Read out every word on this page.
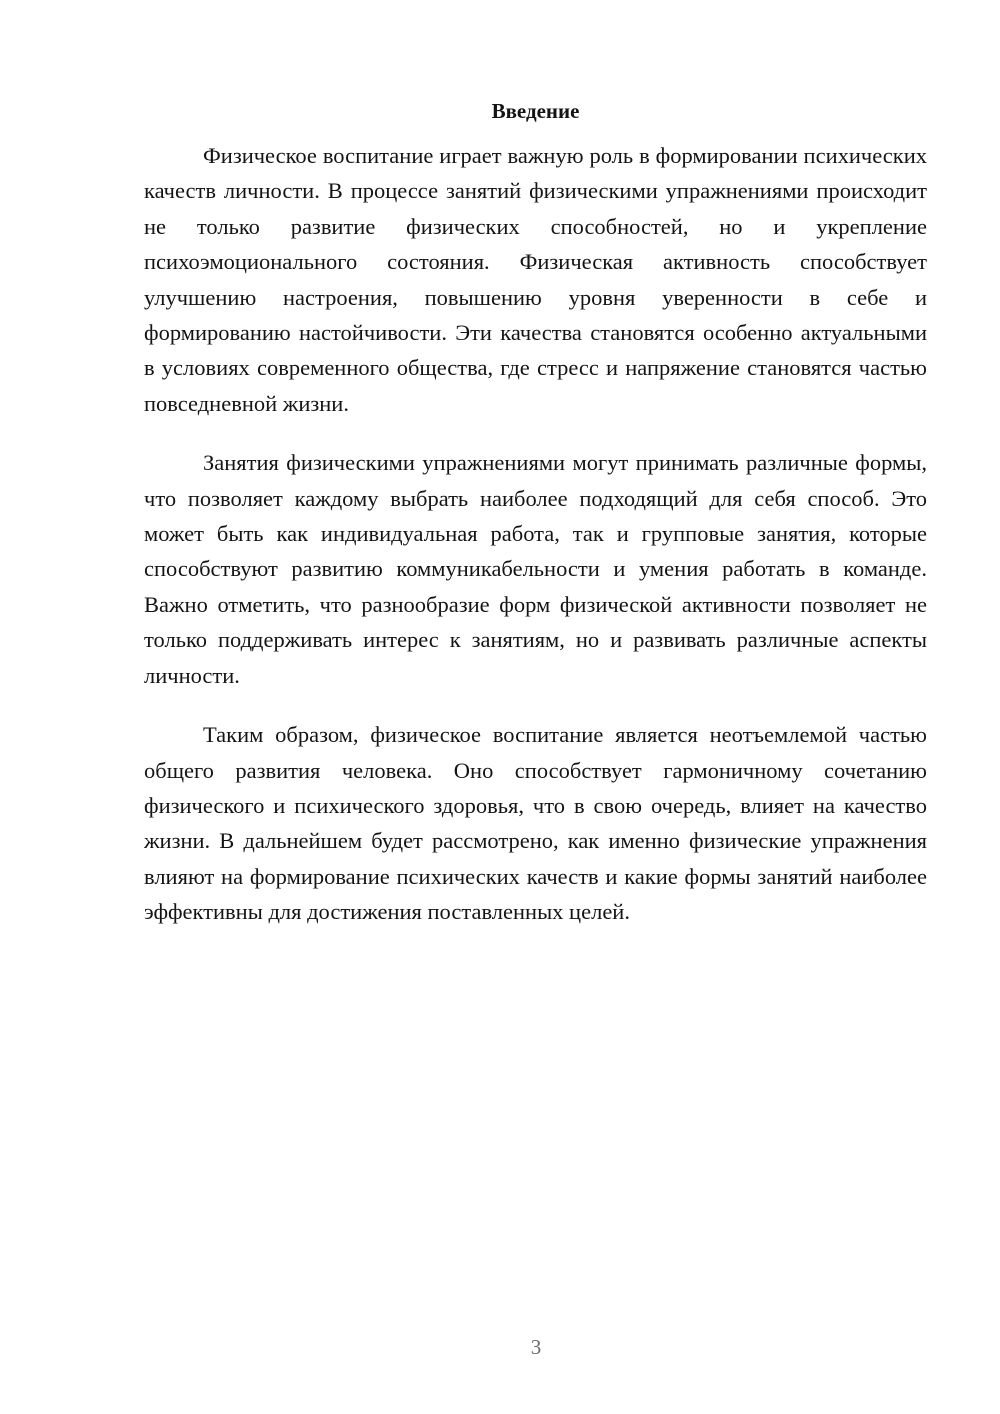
Введение

Физическое воспитание играет важную роль в формировании психических качеств личности. В процессе занятий физическими упражнениями происходит не только развитие физических способностей, но и укрепление психоэмоционального состояния. Физическая активность способствует улучшению настроения, повышению уровня уверенности в себе и формированию настойчивости. Эти качества становятся особенно актуальными в условиях современного общества, где стресс и напряжение становятся частью повседневной жизни.

Занятия физическими упражнениями могут принимать различные формы, что позволяет каждому выбрать наиболее подходящий для себя способ. Это может быть как индивидуальная работа, так и групповые занятия, которые способствуют развитию коммуникабельности и умения работать в команде. Важно отметить, что разнообразие форм физической активности позволяет не только поддерживать интерес к занятиям, но и развивать различные аспекты личности.

Таким образом, физическое воспитание является неотъемлемой частью общего развития человека. Оно способствует гармоничному сочетанию физического и психического здоровья, что в свою очередь, влияет на качество жизни. В дальнейшем будет рассмотрено, как именно физические упражнения влияют на формирование психических качеств и какие формы занятий наиболее эффективны для достижения поставленных целей.

3
